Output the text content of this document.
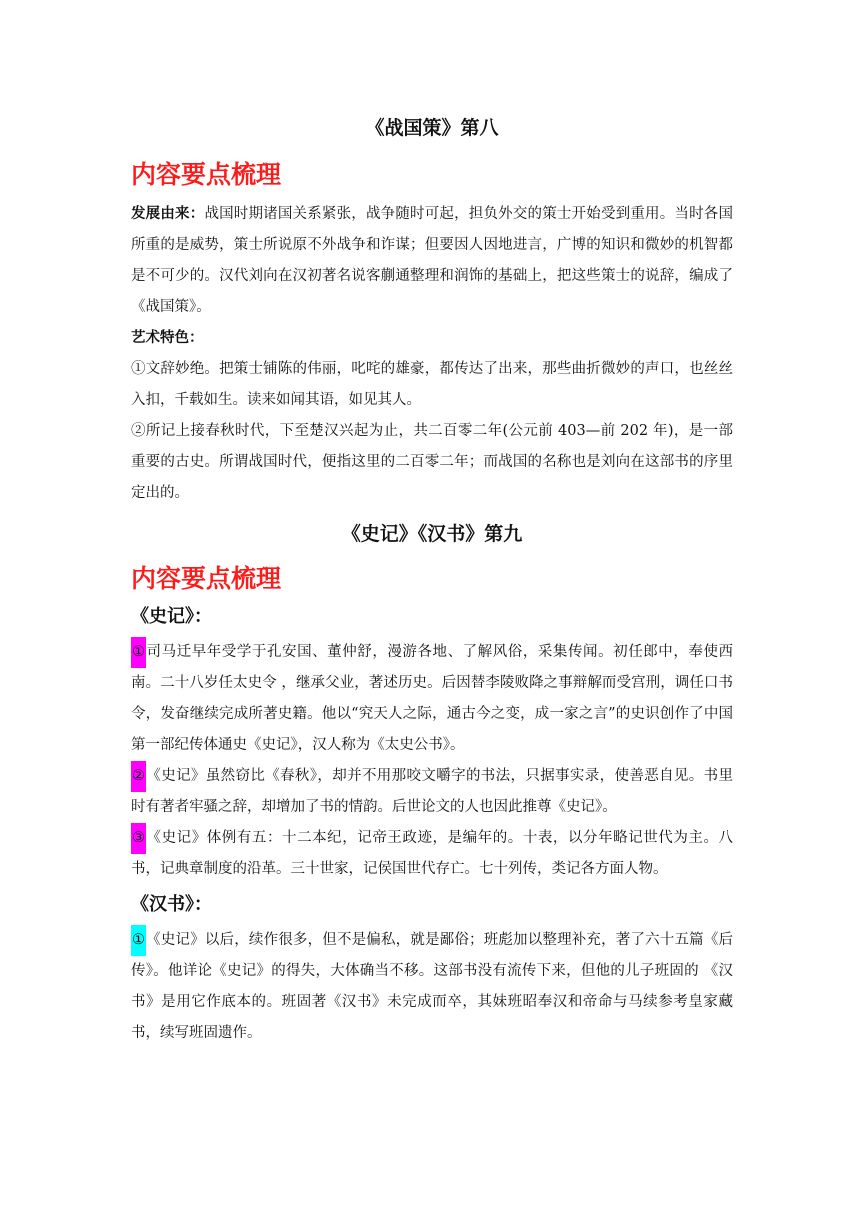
《战国策》第八
内容要点梳理

发展由来：战国时期诸国关系紧张，战争随时可起，担负外交的策士开始受到重用。当时各国所重的是威势，策士所说原不外战争和诈谋；但要因人因地进言，广博的知识和微妙的机智都是不可少的。汉代刘向在汉初著名说客蒯通整理和润饰的基础上，把这些策士的说辞，编成了《战国策》。

艺术特色：

①文辞妙绝。把策士铺陈的伟丽，叱咤的雄豪，都传达了出来，那些曲折微妙的声口，也丝丝入扣，千载如生。读来如闻其语，如见其人。

②所记上接春秋时代，下至楚汉兴起为止，共二百零二年(公元前 403—前 202 年)，是一部重要的古史。所谓战国时代，便指这里的二百零二年；而战国的名称也是刘向在这部书的序里定出的。

《史记》《汉书》第九
内容要点梳理
《史记》：

①司马迁早年受学于孔安国、董仲舒，漫游各地、了解风俗，采集传闻。初任郎中，奉使西南。二十八岁任太史令 ，继承父业，著述历史。后因替李陵败降之事辩解而受宫刑，调任口书令，发奋继续完成所著史籍。他以“究天人之际，通古今之变，成一家之言”的史识创作了中国第一部纪传体通史《史记》，汉人称为《太史公书》。

②《史记》虽然窃比《春秋》，却并不用那咬文嚼字的书法，只据事实录，使善恶自见。书里时有著者牢骚之辞，却增加了书的情韵。后世论文的人也因此推尊《史记》。

③《史记》体例有五：十二本纪，记帝王政迹，是编年的。十表，以分年略记世代为主。八书，记典章制度的沿革。三十世家，记侯国世代存亡。七十列传，类记各方面人物。

《汉书》：

①《史记》以后，续作很多，但不是偏私，就是鄙俗；班彪加以整理补充，著了六十五篇《后传》。他详论《史记》的得失，大体确当不移。这部书没有流传下来，但他的儿子班固的 《汉书》是用它作底本的。班固著《汉书》未完成而卒，其妹班昭奉汉和帝命与马续参考皇家藏书，续写班固遗作。
